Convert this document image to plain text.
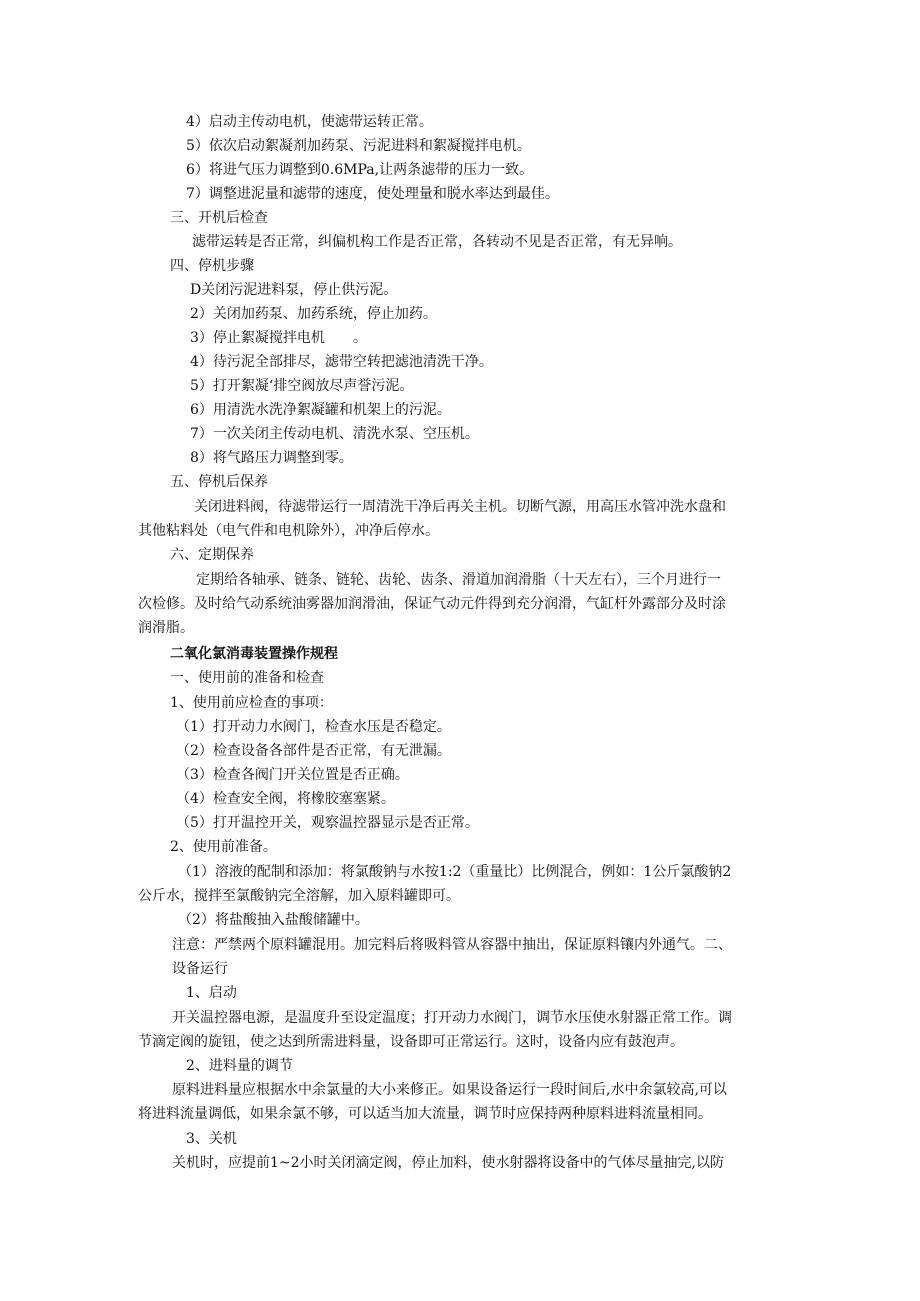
4）启动主传动电机，使滤带运转正常。

5）依次启动絮凝剂加药泵、污泥进料和絮凝搅拌电机。

6）将进气压力调整到0.6MPa,让两条滤带的压力一致。

7）调整进泥量和滤带的速度，使处理量和脱水率达到最佳。

三、开机后检查

滤带运转是否正常，纠偏机构工作是否正常，各转动不见是否正常，有无异响。

四、停机步骤

D关闭污泥进料泵，停止供污泥。

2）关闭加药泵、加药系统，停止加药。

3）停止絮凝搅拌电机　　。

4）待污泥全部排尽，滤带空转把滤池清洗干净。

5）打开絮凝‘排空阀放尽声誉污泥。

6）用清洗水洗净絮凝罐和机架上的污泥。

7）一次关闭主传动电机、清洗水泵、空压机。

8）将气路压力调整到零。

五、停机后保养

关闭进料阀，待滤带运行一周清洗干净后再关主机。切断气源，用高压水管冲洗水盘和

其他粘料处（电气件和电机除外），冲净后停水。

六、定期保养

定期给各轴承、链条、链轮、齿轮、齿条、滑道加润滑脂（十天左右），三个月进行一

次检修。及时给气动系统油雾器加润滑油，保证气动元件得到充分润滑，气缸杆外露部分及时涂

润滑脂。

二氧化氯消毒装置操作规程

一、使用前的准备和检查

1、使用前应检查的事项：

（1）打开动力水阀门，检查水压是否稳定。

（2）检查设备各部件是否正常，有无泄漏。

（3）检查各阀门开关位置是否正确。

（4）检查安全阀，将橡胶塞塞紧。

（5）打开温控开关，观察温控器显示是否正常。

2、使用前准备。

（1）溶液的配制和添加：将氯酸钠与水按1:2（重量比）比例混合，例如：1公斤氯酸钠2

公斤水，搅拌至氯酸钠完全溶解，加入原料罐即可。

（2）将盐酸抽入盐酸储罐中。

注意：严禁两个原料罐混用。加完料后将吸料管从容器中抽出，保证原料镶内外通气。二、

设备运行

1、启动

开关温控器电源，是温度升至设定温度；打开动力水阀门，调节水压使水射器正常工作。调

节滴定阀的旋钮，使之达到所需进料量，设备即可正常运行。这时，设备内应有鼓泡声。

2、进料量的调节

原料进料量应根据水中余氯量的大小来修正。如果设备运行一段时间后,水中余氯较高,可以

将进料流量调低，如果余氯不够，可以适当加大流量，调节时应保持两种原料进料流量相同。

3、关机

关机时，应提前1~2小时关闭滴定阀，停止加料，使水射器将设备中的气体尽量抽完,以防
